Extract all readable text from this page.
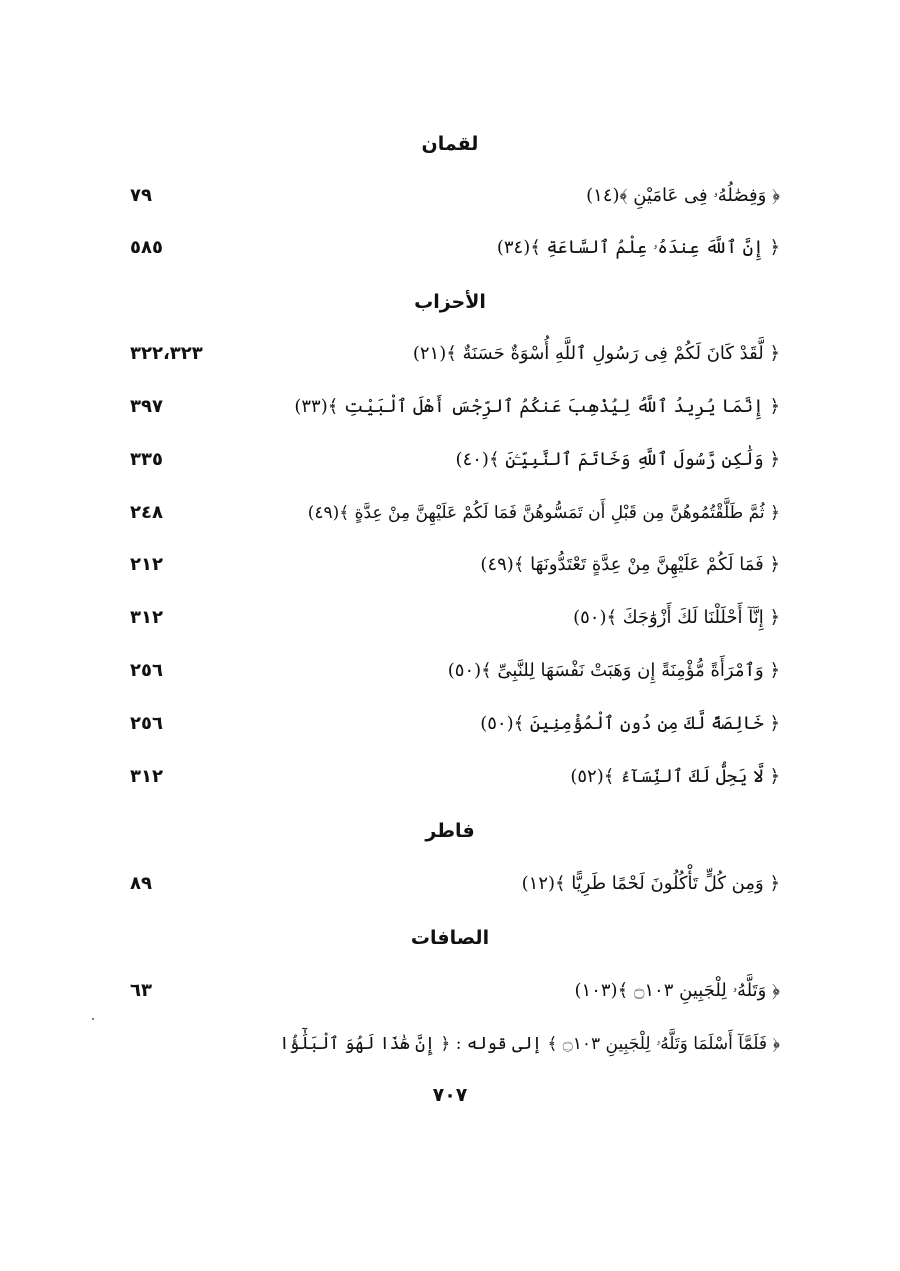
لقمان
﴿ وَفِصَٰلُهُۥ فِى عَامَيْنِ ﴾(١٤)
٧٩
﴿ إِنَّ ٱللَّهَ عِندَهُۥ عِلْمُ ٱلسَّاعَةِ ﴾(٣٤)
٥٨٥
الأحزاب
﴿ لَّقَدْ كَانَ لَكُمْ فِى رَسُولِ ٱللَّهِ أُسْوَةٌ حَسَنَةٌ ﴾(٢١)
٣٢٢،٣٢٣
﴿ إِنَّمَا يُرِيدُ ٱللَّهُ لِيُذْهِبَ عَنكُمُ ٱلرِّجْسَ أَهْلَ ٱلْبَيْتِ ﴾(٣٣)
٣٩٧
﴿ وَلَٰكِن رَّسُولَ ٱللَّهِ وَخَاتَمَ ٱلنَّبِيِّـۧنَ ﴾(٤٠)
٣٣٥
﴿ ثُمَّ طَلَّقْتُمُوهُنَّ مِن قَبْلِ أَن تَمَسُّوهُنَّ فَمَا لَكُمْ عَلَيْهِنَّ مِنْ عِدَّةٍ ﴾(٤٩)
٢٤٨
﴿ فَمَا لَكُمْ عَلَيْهِنَّ مِنْ عِدَّةٍ تَعْتَدُّونَهَا ﴾(٤٩)
٢١٢
﴿ إِنَّآ أَحْلَلْنَا لَكَ أَزْوَٰجَكَ ﴾(٥٠)
٣١٢
﴿ وَٱمْرَأَةً مُّؤْمِنَةً إِن وَهَبَتْ نَفْسَهَا لِلنَّبِىِّ ﴾(٥٠)
٢٥٦
﴿ خَالِصَةً لَّكَ مِن دُونِ ٱلْمُؤْمِنِينَ ﴾(٥٠)
٢٥٦
﴿ لَّا يَحِلُّ لَكَ ٱلنِّسَآءُ ﴾(٥٢)
٣١٢
فاطر
﴿ وَمِن كُلٍّ تَأْكُلُونَ لَحْمًا طَرِيًّا ﴾(١٢)
٨٩
الصافات
﴿ وَتَلَّهُۥ لِلْجَبِينِ ۝١٠٣ ﴾(١٠٣)
٦٣
﴿ فَلَمَّآ أَسْلَمَا وَتَلَّهُۥ لِلْجَبِينِ ۝١٠٣ ﴾ إلى قوله : ﴿ إِنَّ هَٰذَا لَهُوَ ٱلْبَلَٰٓؤُا
٧٠٧
